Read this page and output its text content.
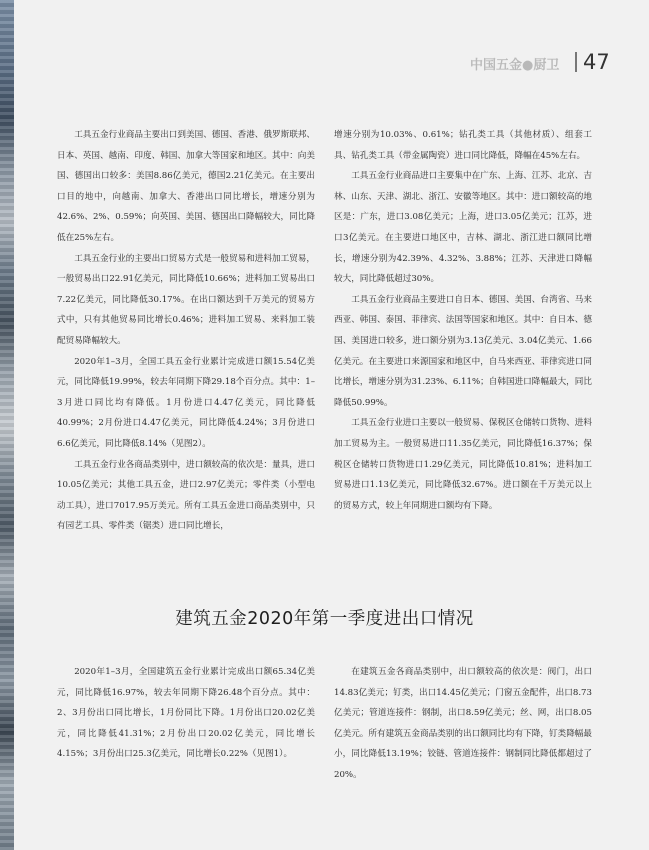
中国五金●厨卫 47

工具五金行业商品主要出口到美国、德国、香港、俄罗斯联邦、日本、英国、越南、印度、韩国、加拿大等国家和地区。其中：向美国、德国出口较多：美国8.86亿美元，德国2.21亿美元。在主要出口目的地中，向越南、加拿大、香港出口同比增长，增速分别为42.6%、2%、0.59%；向英国、美国、德国出口降幅较大，同比降低在25%左右。

工具五金行业的主要出口贸易方式是一般贸易和进料加工贸易，一般贸易出口22.91亿美元，同比降低10.66%；进料加工贸易出口7.22亿美元，同比降低30.17%。在出口额达到千万美元的贸易方式中，只有其他贸易同比增长0.46%；进料加工贸易、来料加工装配贸易降幅较大。

2020年1–3月，全国工具五金行业累计完成进口额15.54亿美元，同比降低19.99%，较去年同期下降29.18个百分点。其中：1–3月进口同比均有降低。1月份进口4.47亿美元，同比降低40.99%；2月份进口4.47亿美元，同比降低4.24%；3月份进口6.6亿美元，同比降低8.14%（见图2）。

工具五金行业各商品类别中，进口额较高的依次是：量具，进口10.05亿美元；其他工具五金，进口2.97亿美元；零件类（小型电动工具），进口7017.95万美元。所有工具五金进口商品类别中，只有园艺工具、零件类（锯类）进口同比增长，

增速分别为10.03%、0.61%；钻孔类工具（其他材质）、组套工具、钻孔类工具（带金属陶瓷）进口同比降低，降幅在45%左右。

工具五金行业商品进口主要集中在广东、上海、江苏、北京、吉林、山东、天津、湖北、浙江、安徽等地区。其中：进口额较高的地区是：广东，进口3.08亿美元；上海，进口3.05亿美元；江苏，进口3亿美元。在主要进口地区中，吉林、湖北、浙江进口额同比增长，增速分别为42.39%、4.32%、3.88%；江苏、天津进口降幅较大，同比降低超过30%。

工具五金行业商品主要进口自日本、德国、美国、台湾省、马来西亚、韩国、泰国、菲律宾、法国等国家和地区。其中：自日本、德国、美国进口较多，进口额分别为3.13亿美元、3.04亿美元、1.66亿美元。在主要进口来源国家和地区中，自马来西亚、菲律宾进口同比增长，增速分别为31.23%、6.11%；自韩国进口降幅最大，同比降低50.99%。

工具五金行业进口主要以一般贸易、保税区仓储转口货物、进料加工贸易为主。一般贸易进口11.35亿美元，同比降低16.37%；保税区仓储转口货物进口1.29亿美元，同比降低10.81%；进料加工贸易进口1.13亿美元，同比降低32.67%。进口额在千万美元以上的贸易方式，较上年同期进口额均有下降。

建筑五金2020年第一季度进出口情况

2020年1–3月，全国建筑五金行业累计完成出口额65.34亿美元，同比降低16.97%，较去年同期下降26.48个百分点。其中：2、3月份出口同比增长，1月份同比下降。1月份出口20.02亿美元，同比降低41.31%；2月份出口20.02亿美元，同比增长4.15%；3月份出口25.3亿美元，同比增长0.22%（见图1）。

在建筑五金各商品类别中，出口额较高的依次是：阀门，出口14.83亿美元；钉类，出口14.45亿美元；门窗五金配件，出口8.73亿美元；管道连接件：钢制，出口8.59亿美元；丝、网，出口8.05亿美元。所有建筑五金商品类别的出口额同比均有下降，钉类降幅最小，同比降低13.19%；铰链、管道连接件：钢制同比降低都超过了20%。
